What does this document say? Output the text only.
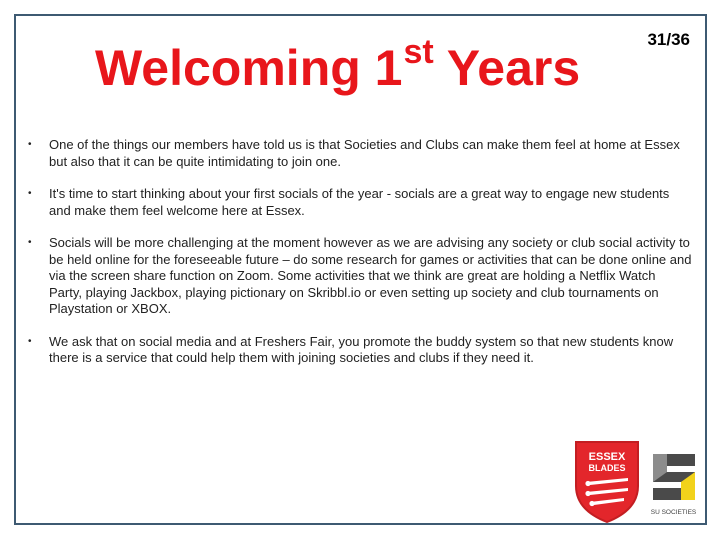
31/36
Welcoming 1st Years
• One of the things our members have told us is that Societies and Clubs can make them feel at home at Essex but also that it can be quite intimidating to join one.
• It's time to start thinking about your first socials of the year - socials are a great way to engage new students and make them feel welcome here at Essex.
• Socials will be more challenging at the moment however as we are advising any society or club social activity to be held online for the foreseeable future – do some research for games or activities that can be done online and via the screen share function on Zoom. Some activities that we think are great are holding a Netflix Watch Party, playing Jackbox, playing pictionary on Skribbl.io or even setting up society and club tournaments on Playstation or XBOX.
• We ask that on social media and at Freshers Fair, you promote the buddy system so that new students know there is a service that could help them with joining societies and clubs if they need it.
ESSEX
BLADES
SU SOCIETIES
